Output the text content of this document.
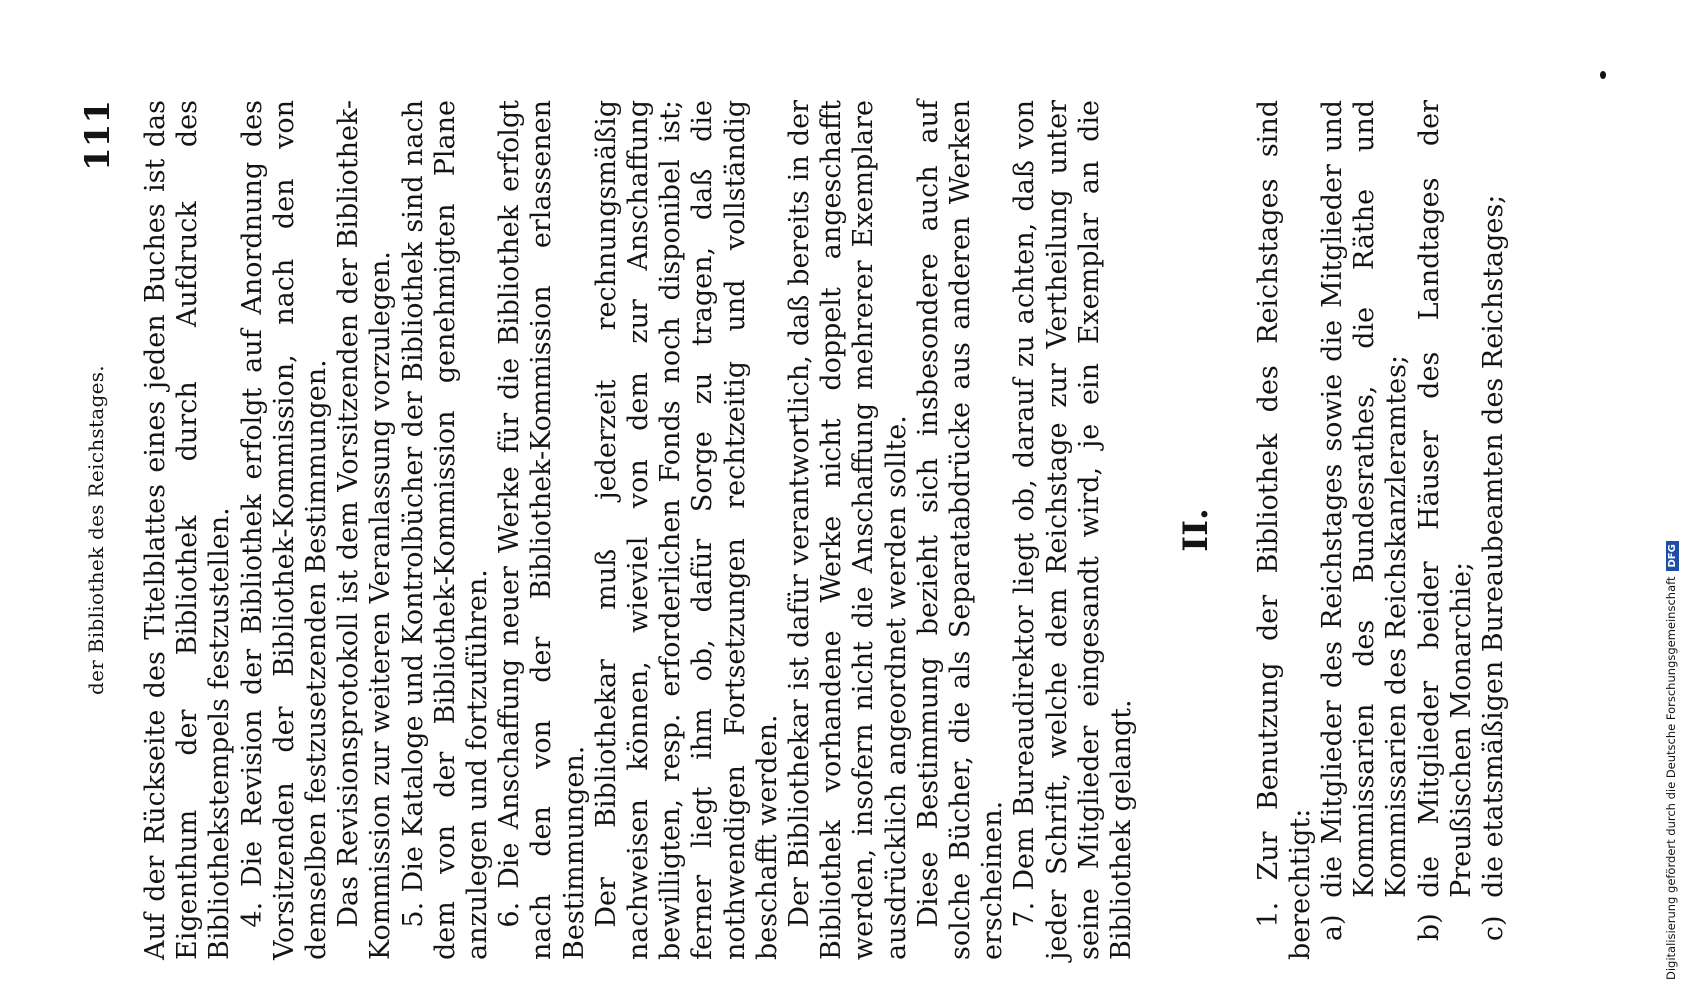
der Bibliothek des Reichstages.
111 Auf der Rückseite des Titelblattes eines jeden Buches ist das Eigenthum der Bibliothek durch Aufdruck des Bibliothekstempels festzustellen. 4. Die Revision der Bibliothek erfolgt auf Anordnung des Vorsitzenden der Bibliothek-Kommission, nach den von demselben festzusetzenden Bestimmungen. Das Revisionsprotokoll ist dem Vorsitzenden der Bibliothek-Kommission zur weiteren Veranlassung vorzulegen. 5. Die Kataloge und Kontrolbücher der Bibliothek sind nach dem von der Bibliothek-Kommission genehmigten Plane anzulegen und fortzuführen. 6. Die Anschaffung neuer Werke für die Bibliothek erfolgt nach den von der Bibliothek-Kommission erlassenen Bestimmungen. Der Bibliothekar muß jederzeit rechnungsmäßig nachweisen können, wieviel von dem zur Anschaffung bewilligten, resp. erforderlichen Fonds noch disponibel ist; ferner liegt ihm ob, dafür Sorge zu tragen, daß die nothwendigen Fortsetzungen rechtzeitig und vollständig beschafft werden. Der Bibliothekar ist dafür verantwortlich, daß bereits in der Bibliothek vorhandene Werke nicht doppelt angeschafft werden, insofern nicht die Anschaffung mehrerer Exemplare ausdrücklich angeordnet werden sollte. Diese Bestimmung bezieht sich insbesondere auch auf solche Bücher, die als Separatabdrücke aus anderen Werken erscheinen. 7. Dem Bureaudirektor liegt ob, darauf zu achten, daß von jeder Schrift, welche dem Reichstage zur Vertheilung unter seine Mitglieder eingesandt wird, je ein Exemplar an die Bibliothek gelangt.

II. 1. Zur Benutzung der Bibliothek des Reichstages sind berechtigt: a)die Mitglieder des Reichstages sowie die Mitglieder und Kommissarien des Bundesrathes, die Räthe und Kommissarien des Reichskanzleramtes;

b)die Mitglieder beider Häuser des Landtages der Preußischen Monarchie;

c)die etatsmäßigen Bureaubeamten des Reichstages;	Digitalisierung gefördert durch die Deutsche ForschungsgemeinschaftDFG
